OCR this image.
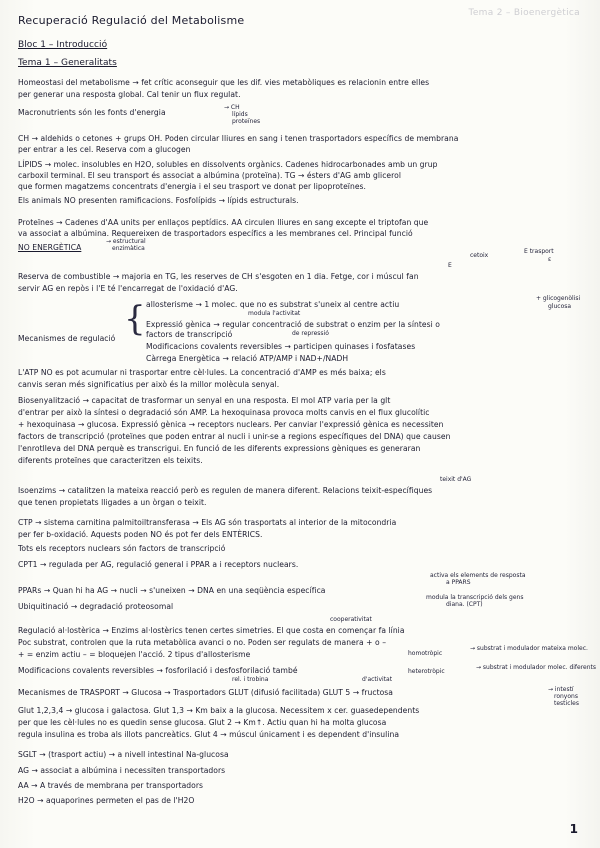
Tema 2 – Bioenergètica
Recuperació Regulació del Metabolisme
Bloc 1 – Introducció
Tema 1 – Generalitats
Homeostasi del metabolisme → fet crític aconseguir que les dif. vies metabòliques es relacionin entre elles
per generar una resposta global. Cal tenir un flux regulat.
Macronutrients són les fonts d'energia
→ CH
lípids
proteïnes
CH → aldehids o cetones + grups OH. Poden circular lliures en sang i tenen trasportadors específics de membrana
per entrar a les cel. Reserva com a glucogen
LÍPIDS → molec. insolubles en H2O, solubles en dissolvents orgànics. Cadenes hidrocarbonades amb un grup
carboxil terminal. El seu transport és associat a albúmina (proteïna). TG → ésters d'AG amb glicerol
que formen magatzems concentrats d'energia i el seu trasport ve donat per lipoproteïnes.
Els animals NO presenten ramificacions. Fosfolípids → lípids estructurals.
Proteïnes → Cadenes d'AA units per enllaços peptídics. AA circulen lliures en sang excepte el triptofan que
va associat a albúmina. Requereixen de trasportadors específics a les membranes cel. Principal funció
NO ENERGÈTICA
→ estructural
enzimàtica
cetoix
E
E trasport
ε
Reserva de combustible → majoria en TG, les reserves de CH s'esgoten en 1 dia. Fetge, cor i múscul fan
servir AG en repòs i l'E té l'encarregat de l'oxidació d'AG.
+ glicogenòlisi
glucosa
allosterisme → 1 molec. que no es substrat s'uneix al centre actiu
modula l'activitat
Expressió gènica → regular concentració de substrat o enzim per la síntesi o
factors de transcripció	de repressió
{
Mecanismes de regulació
Modificacions covalents reversibles → participen quinases i fosfatases
Càrrega Energètica → relació ATP/AMP i NAD+/NADH
L'ATP NO es pot acumular ni trasportar entre cèl·lules. La concentració d'AMP es més baixa; els
canvis seran més significatius per això és la millor molècula senyal.
Biosenyalització → capacitat de trasformar un senyal en una resposta. El mol ATP varia per la glt
d'entrar per això la síntesi o degradació són AMP. La hexoquinasa provoca molts canvis en el flux glucolític
+ hexoquinasa → glucosa. Expressió gènica → receptors nuclears. Per canviar l'expressió gènica es necessiten
factors de transcripció (proteïnes que poden entrar al nucli i unir-se a regions específiques del DNA) que causen
l'enrotlleva del DNA perquè es transcrigui. En funció de les diferents expressions gèniques es generaran
diferents proteïnes que caracteritzen els teixits.
teixit d'AG
Isoenzims → catalitzen la mateixa reacció però es regulen de manera diferent. Relacions teixit-específiques
que tenen propietats lligades a un òrgan o teixit.
CTP → sistema carnitina palmitoiltransferasa → Els AG són trasportats al interior de la mitocondria
per fer b-oxidació. Aquests poden NO és pot fer dels ENTÈRICS.
Tots els receptors nuclears són factors de transcripció
CPT1 → regulada per AG, regulació general i PPAR a i receptors nuclears.
activa els elements de resposta
a PPARS
PPARs → Quan hi ha AG → nucli → s'uneixen → DNA en una seqüència específica
modula la transcripció dels gens
diana. (CPT)
Ubiquitinació → degradació proteosomal
cooperativitat
Regulació al·lostèrica → Enzims al·lostèrics tenen certes simetries. El que costa en començar fa línia
Poc substrat, controlen que la ruta metabòlica avanci o no. Poden ser regulats de manera + o –
+ = enzim actiu – = bloquejen l'acció. 2 tipus d'allosterisme	homotròpic
→ substrat i modulador mateixa molec.
heterotròpic
→ substrat i modulador molec. diferents
Modificacions covalents reversibles → fosforilació i desfosforilació també
rel. i trobina	d'activitat
Mecanismes de TRASPORT → Glucosa → Trasportadors GLUT (difusió facilitada) GLUT 5 → fructosa	→ intestí
ronyons
testicles
Glut 1,2,3,4 → glucosa i galactosa. Glut 1,3 → Km baix a la glucosa. Necessitem x cer. guasedependents
per que les cèl·lules no es quedin sense glucosa. Glut 2 → Km↑. Actiu quan hi ha molta glucosa
regula insulina es troba als illots pancreàtics. Glut 4 → múscul únicament i es dependent d'insulina
SGLT → (trasport actiu) → a nivell intestinal Na-glucosa
AG → associat a albúmina i necessiten transportadors
AA → A través de membrana per transportadors
H2O → aquaporines permeten el pas de l'H2O
1
